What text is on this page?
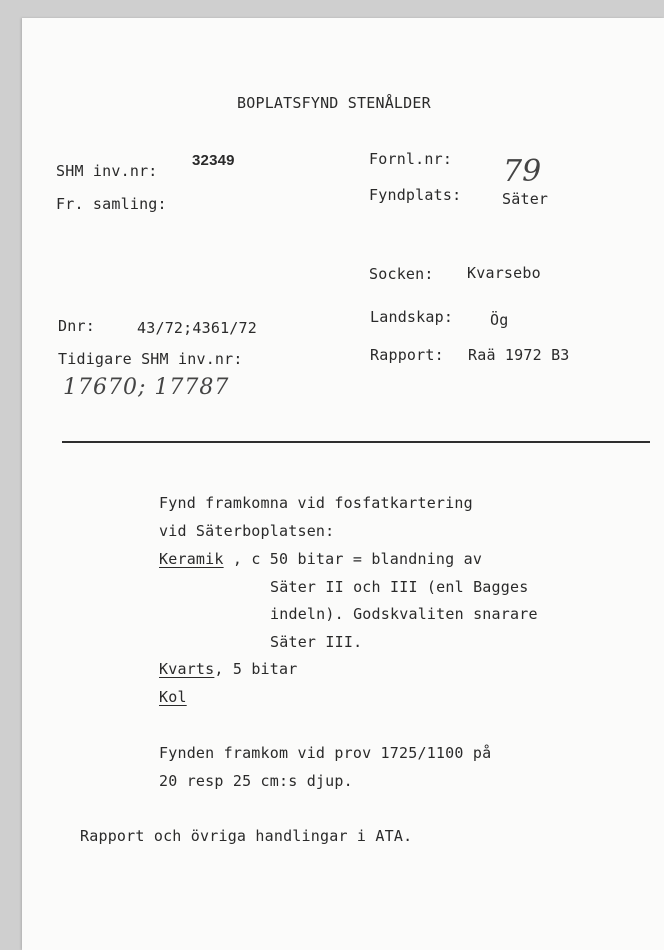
BOPLATSFYND STENÅLDER
SHM inv.nr:
32349
Fr. samling:
Dnr:	43/72;4361/72
Tidigare SHM inv.nr:
17670; 17787
Fornl.nr: 79
Fyndplats:	Säter
Socken: Kvarsebo
Landskap: Ög
Rapport: Raä 1972 B3
Fynd framkomna vid fosfatkartering
vid Säterboplatsen:
Keramik , c 50 bitar = blandning av
Säter II och III (enl Bagges
indeln). Godskvaliten snarare
Säter III.
Kvarts, 5 bitar
Kol
Fynden framkom vid prov 1725/1100 på
20 resp 25 cm:s djup.
Rapport och övriga handlingar i ATA.
